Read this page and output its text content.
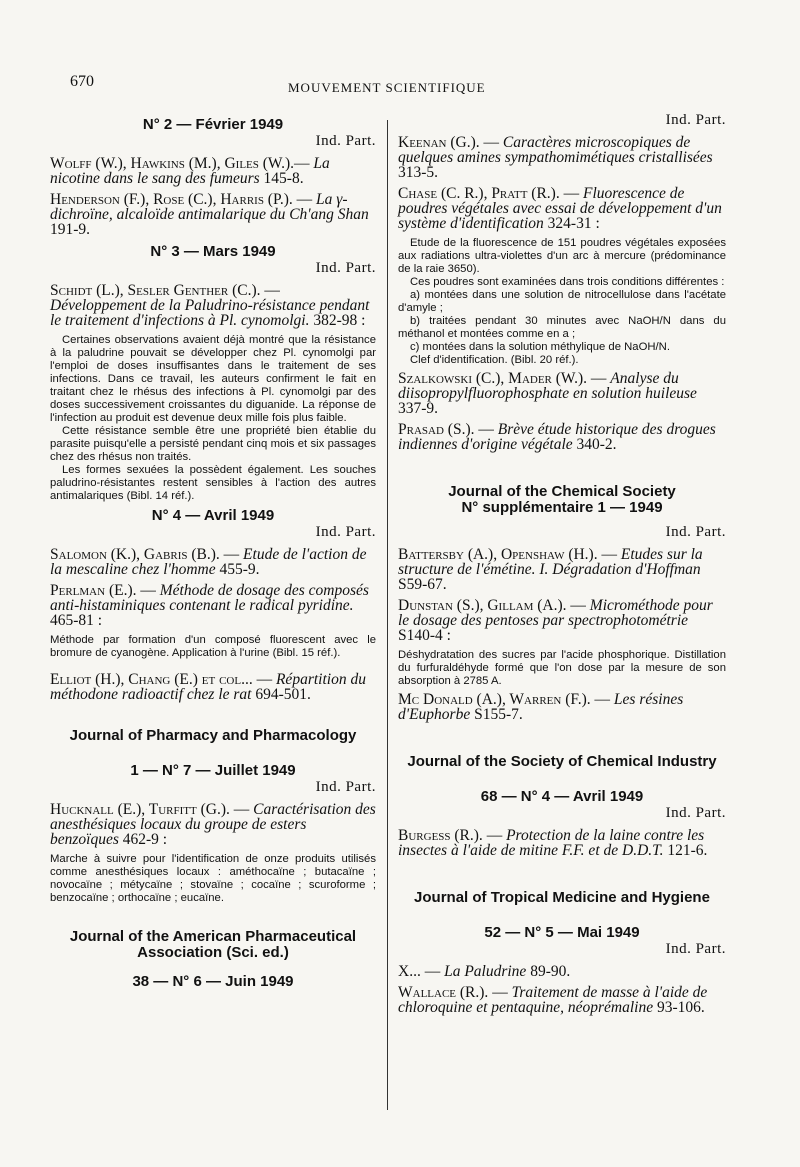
670	MOUVEMENT SCIENTIFIQUE
N° 2 — Février 1949
Ind. Part.
Wolff (W.), Hawkins (M.), Giles (W.).— La nicotine dans le sang des fumeurs 145-8.
Henderson (F.), Rose (C.), Harris (P.). — La γ-dichroïne, alcaloïde antimalarique du Ch'ang Shan 191-9.
N° 3 — Mars 1949
Ind. Part.
Schidt (L.), Sesler Genther (C.). — Développement de la Paludrino-résistance pendant le traitement d'infections à Pl. cynomolgi. 382-98 :

Certaines observations avaient déjà montré que la résistance à la paludrine pouvait se développer chez Pl. cynomolgi par l'emploi de doses insuffisantes dans le traitement de ses infections. Dans ce travail, les auteurs confirment le fait en traitant chez le rhésus des infections à Pl. cynomolgi par des doses successivement croissantes du diguanide. La réponse de l'infection au produit est devenue deux mille fois plus faible.

Cette résistance semble être une propriété bien établie du parasite puisqu'elle a persisté pendant cinq mois et six passages chez des rhésus non traités.

Les formes sexuées la possèdent également. Les souches paludrino-résistantes restent sensibles à l'action des autres antimalariques (Bibl. 14 réf.).

N° 4 — Avril 1949
Ind. Part.
Salomon (K.), Gabris (B.). — Etude de l'action de la mescaline chez l'homme 455-9.
Perlman (E.). — Méthode de dosage des composés anti-histaminiques contenant le radical pyridine. 465-81 :

Méthode par formation d'un composé fluorescent avec le bromure de cyanogène. Application à l'urine (Bibl. 15 réf.).

Elliot (H.), Chang (E.) et col... — Répartition du méthodone radioactif chez le rat 694-501.
Journal of Pharmacy and Pharmacology
1 — N° 7 — Juillet 1949
Ind. Part.
Hucknall (E.), Turfitt (G.). — Caractérisation des anesthésiques locaux du groupe de esters benzoïques 462-9 :

Marche à suivre pour l'identification de onze produits utilisés comme anesthésiques locaux : améthocaïne ; butacaïne ; novocaïne ; métycaïne ; stovaïne ; cocaïne ; scuroforme ; benzocaïne ; orthocaïne ; eucaïne.

Journal of the American Pharmaceutical Association (Sci. ed.)
38 — N° 6 — Juin 1949
Ind. Part.
Keenan (G.). — Caractères microscopiques de quelques amines sympathomimétiques cristallisées 313-5.
Chase (C. R.), Pratt (R.). — Fluorescence de poudres végétales avec essai de développement d'un système d'identification 324-31 :

Etude de la fluorescence de 151 poudres végétales exposées aux radiations ultra-violettes d'un arc à mercure (prédominance de la raie 3650).

Ces poudres sont examinées dans trois conditions différentes :

a) montées dans une solution de nitrocellulose dans l'acétate d'amyle ;

b) traitées pendant 30 minutes avec NaOH/N dans du méthanol et montées comme en a ;

c) montées dans la solution méthylique de NaOH/N.

Clef d'identification. (Bibl. 20 réf.).

Szalkowski (C.), Mader (W.). — Analyse du diisopropylfluorophosphate en solution huileuse 337-9.
Prasad (S.). — Brève étude historique des drogues indiennes d'origine végétale 340-2.
Journal of the Chemical Society
N° supplémentaire 1 — 1949
Ind. Part.
Battersby (A.), Openshaw (H.). — Etudes sur la structure de l'émétine. I. Dégradation d'Hoffman S59-67.
Dunstan (S.), Gillam (A.). — Microméthode pour le dosage des pentoses par spectrophotométrie S140-4 :

Déshydratation des sucres par l'acide phosphorique. Distillation du furfuraldéhyde formé que l'on dose par la mesure de son absorption à 2785 A.

Mc Donald (A.), Warren (F.). — Les résines d'Euphorbe S155-7.
Journal of the Society of Chemical Industry
68 — N° 4 — Avril 1949
Ind. Part.
Burgess (R.). — Protection de la laine contre les insectes à l'aide de mitine F.F. et de D.D.T. 121-6.
Journal of Tropical Medicine and Hygiene
52 — N° 5 — Mai 1949
Ind. Part.
X... — La Paludrine 89-90.
Wallace (R.). — Traitement de masse à l'aide de chloroquine et pentaquine, néoprémaline 93-106.
